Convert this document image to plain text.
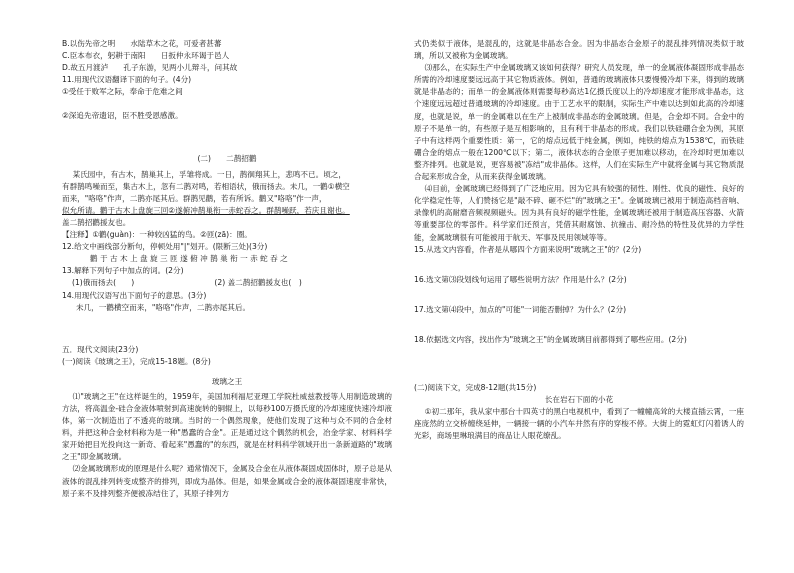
B.以伤先帝之明　　水陆草木之花，可爱者甚蕃
C.臣本布衣，躬耕于南阳　　日扳仲永环谒于邑人
D.故五月渡泸　　孔子东游，见两小儿辩斗，问其故
11.用现代汉语翻译下面的句子。(4分)
①受任于败军之际，奉命于危难之间
②深追先帝遗诏，臣不胜受恩感激。
(二)　　二鹊招鹳
某氏园中，有古木，鹊巢其上，孚雏将成。一日，鹊徊翔其上，悲鸣不已。顷之，
有群鹊鸣噪而至，集古木上，忽有二鹊对鸣，若相语状，俄而扬去。未几，一鹳①横空
而来，"咯咯"作声，二鹊亦尾其后。群鹊见鹳，若有所诉。鹳又"咯咯"作一声，
似允所请。鹳于古木上盘旋三回②遂俯冲鹊巢衔一赤蛇吞之。群鹊噪跃，若庆且谢也。
盖二鹊招鹳援友也。
【注释】①鹳(guàn)：一种较凶猛的鸟。②匝(zā)：圈。
12.给文中画线部分断句，停顿处用"|"划开。(限断三处)(3分)
鹳 于 古 木 上 盘 旋 三 匝 遂 俯 冲 鹊 巢 衔 一 赤 蛇 吞 之
13.解释下列句子中加点的词。(2分)
(1)俄而扬去(　　)	(2) 盖二鹊招鹳援友也(　)
14.用现代汉语写出下面句子的意思。(3分)
未几，一鹳横空而来，"咯咯"作声，二鹊亦尾其后。
五．现代文阅读(23分)
(一)阅读《玻璃之王》，完成15-18题。(8分)
玻璃之王

⑴"玻璃之王"在这样诞生的，1959年，美国加利福尼亚理工学院杜威兹教授等人用制造玻璃的方法，将高温金-硅合金液体喷射到高速旋转的铜辊上，以每秒100万摄氏度的冷却速度快速冷却液体，第一次制造出了不透亮的玻璃。当时的一个偶然现象，使他们发现了这种与众不同的合金材料，并把这种合金材料称为是一种"愚蠢的合金"。正是通过这个偶然的机会，冶金学家、材料科学家开始把目光投向这一新奇、看起来"愚蠢的"的东西，就是在材料科学领域开出一条新道路的"玻璃之王"即金属玻璃。

⑵金属玻璃形成的原理是什么呢？通常情况下，金属及合金在从液体凝固成固体时，原子总是从液体的混乱排列转变成整齐的排列，即成为晶体。但是，如果金属或合金的液体凝固速度非常快，原子来不及排列整齐便被冻结住了，其原子排列方

式仍类似于液体，是混乱的，这就是非晶态合金。因为非晶态合金原子的混乱排列情况类似于玻璃，所以又被称为金属玻璃。

⑶那么，在实际生产中金属玻璃又该如何获得？研究人员发现，单一的金属液体凝固形成非晶态所需的冷却速度要远远高于其它物质液体。例如，普通的玻璃液体只要慢慢冷却下来，得到的玻璃就是非晶态的；而单一的金属液体则需要每秒高达1亿摄氏度以上的冷却速度才能形成非晶态，这个速度远远超过普通玻璃的冷却速度。由于工艺水平的限制，实际生产中难以达到如此高的冷却速度，也就是说，单一的金属难以在生产上被制成非晶态的金属玻璃。但是，合金却不同。合金中的原子不是单一的，有些原子是互相影响的，且有利于非晶态的形成。我们以铁硅硼合金为例，其原子中有这样两个重要性质：第一，它的熔点远低于纯金属，例如，纯铁的熔点为1538℃，而铁硅硼合金的熔点一般在1200℃以下；第二，液体状态的合金原子更加难以移动，在冷却时更加难以整齐排列。也就是说，更容易被"冻结"成非晶体。这样，人们在实际生产中就将金属与其它物质混合起来形成合金，从而来获得金属玻璃。

⑷目前，金属玻璃已经得到了广泛地应用。因为它具有较强的韧性、刚性、优良的磁性、良好的化学稳定性等，人们赞扬它是"敲不碎、砸不烂"的"玻璃之王"。金属玻璃已被用于制造高档音响、录像机的高耐磨音频视频磁头。因为具有良好的磁学性能，金属玻璃还被用于制造高压容器、火箭等重要部位的零部件。科学家们还预言，凭借其耐腐蚀、抗撞击、耐冷热的特性及优异的力学性能，金属玻璃很有可能被用于航天、军事及民用领域等等。

15.从选文内容看，作者是从哪四个方面来说明"玻璃之王"的？(2分)
16.选文第⑶段划线句运用了哪些说明方法？作用是什么？(2分)
17.选文第⑷段中，加点的"可能"一词能否删掉？为什么？(2分)
18.依据选文内容，找出作为"玻璃之王"的金属玻璃目前都得到了哪些应用。(2分)
(二)阅读下文，完成8-12题(共15分)
长在岩石下面的小花

①初二那年，我从家中那台十四英寸的黑白电视机中，看到了一幢幢高耸的大楼直插云霄，一座座庞然的立交桥缠绕延伸，一辆接一辆的小汽车井然有序的穿梭不停。大街上的霓虹灯闪着诱人的光彩，商场里琳琅满目的商品让人眼花缭乱。
